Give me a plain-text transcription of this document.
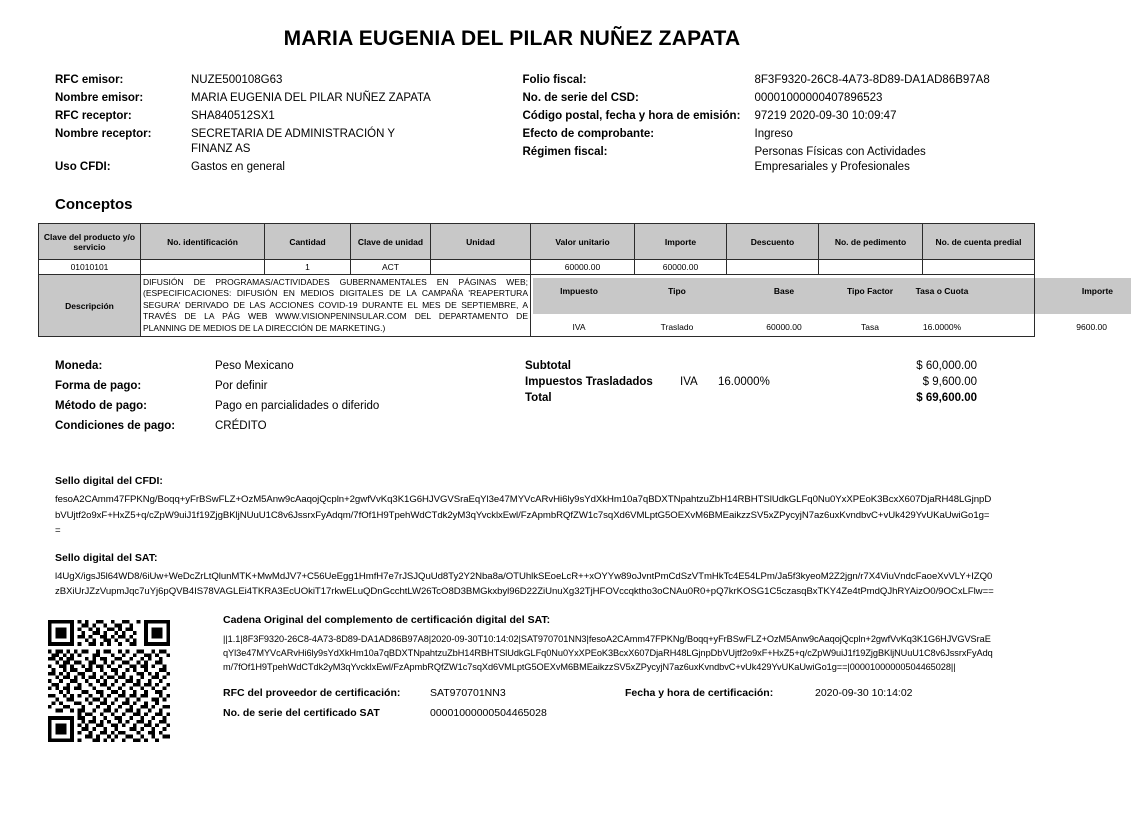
MARIA EUGENIA DEL PILAR NUÑEZ ZAPATA
RFC emisor:	NUZE500108G63
Nombre emisor:	MARIA EUGENIA DEL PILAR NUÑEZ ZAPATA
RFC receptor:	SHA840512SX1
Nombre receptor:	SECRETARIA DE ADMINISTRACIÓN Y
FINANZ AS
Uso CFDI:	Gastos en general
Folio fiscal:	8F3F9320-26C8-4A73-8D89-DA1AD86B97A8
No. de serie del CSD:	00001000000407896523
Código postal, fecha y hora de emisión:	97219 2020-09-30 10:09:47
Efecto de comprobante:	Ingreso
Régimen fiscal:	Personas Físicas con Actividades
Empresariales y Profesionales
Conceptos
Clave del producto y/o servicio	No. identificación	Cantidad	Clave de unidad	Unidad	Valor unitario	Importe	Descuento	No. de pedimento	No. de cuenta predial
01010101		1	ACT		60000.00	60000.00			
Descripción	DIFUSIÓN DE PROGRAMAS/ACTIVIDADES GUBERNAMENTALES EN PÁGINAS WEB; (ESPECIFICACIONES: DIFUSIÓN EN MEDIOS DIGITALES DE LA CAMPAÑA 'REAPERTURA SEGURA' DERIVADO DE LAS ACCIONES COVID-19 DURANTE EL MES DE SEPTIEMBRE, A TRAVÉS DE LA PÁG WEB WWW.VISIONPENINSULAR.COM DEL DEPARTAMENTO DE PLANNING DE MEDIOS DE LA DIRECCIÓN DE MARKETING.)	
Impuesto	Tipo	Base	Tipo Factor	Tasa o Cuota	Importe
IVA	Traslado	60000.00	Tasa	16.0000%	9600.00
Moneda:	Peso Mexicano
Forma de pago:	Por definir
Método de pago:	Pago en parcialidades o diferido
Condiciones de pago:	CRÉDITO
Subtotal	$ 60,000.00
Impuestos Trasladados	IVA 16.0000%	$ 9,600.00
Total	$ 69,600.00
Sello digital del CFDI:
fesoA2CAmm47FPKNg/Boqq+yFrBSwFLZ+OzM5Anw9cAaqojQcpln+2gwfVvKq3K1G6HJVGVSraEqYl3e47MYVcARvHi6ly9sYdXkHm10a7qBDXTNpahtzuZbH14RBHTSlUdkGLFq0Nu0YxXPEoK3BcxX607DjaRH48LGjnpDbVUjtf2o9xF+HxZ5+q/cZpW9uiJ1f19ZjgBKljNUuU1C8v6JssrxFyAdqm/7fOf1H9TpehWdCTdk2yM3qYvcklxEwl/FzApmbRQfZW1c7sqXd6VMLptG5OEXvM6BMEaikzzSV5xZPycyjN7az6uxKvndbvC+vUk429YvUKaUwiGo1g==
Sello digital del SAT:
l4UgX/igsJ5l64WD8/6iUw+WeDcZrLtQlunMTK+MwMdJV7+C56UeEgg1HmfH7e7rJSJQuUd8Ty2Y2Nba8a/OTUhlkSEoeLcR++xOYYw89oJvntPmCdSzVTmHkTc4E54LPm/Ja5f3kyeoM2Z2jgn/r7X4ViuVndcFaoeXvVLY+IZQ0zBXiUrJZzVupmJqc7uYj6pQVB4IS78VAGLEi4TKRA3EcUOkiT17rkwELuQDnGcchtLW26TcO8D3BMGkxbyl96D22ZiUnuXg32TjHFOVccqktho3oCNAu0R0+pQ7krKOSG1C5czasqBxTKY4Ze4tPmdQJhRYAizO0/9OCxLFlw==
Cadena Original del complemento de certificación digital del SAT:
||1.1|8F3F9320-26C8-4A73-8D89-DA1AD86B97A8|2020-09-30T10:14:02|SAT970701NN3|fesoA2CAmm47FPKNg/Boqq+yFrBSwFLZ+OzM5Anw9cAaqojQcpln+2gwfVvKq3K1G6HJVGVSraEqYl3e47MYVcARvHi6ly9sYdXkHm10a7qBDXTNpahtzuZbH14RBHTSlUdkGLFq0Nu0YxXPEoK3BcxX607DjaRH48LGjnpDbVUjtf2o9xF+HxZ5+q/cZpW9uiJ1f19ZjgBKljNUuU1C8v6JssrxFyAdqm/7fOf1H9TpehWdCTdk2yM3qYvcklxEwl/FzApmbRQfZW1c7sqXd6VMLptG5OEXvM6BMEaikzzSV5xZPycyjN7az6uxKvndbvC+vUk429YvUKaUwiGo1g==|00001000000504465028||
RFC del proveedor de certificación:	SAT970701NN3	Fecha y hora de certificación:	2020-09-30 10:14:02
No. de serie del certificado SAT	00001000000504465028
